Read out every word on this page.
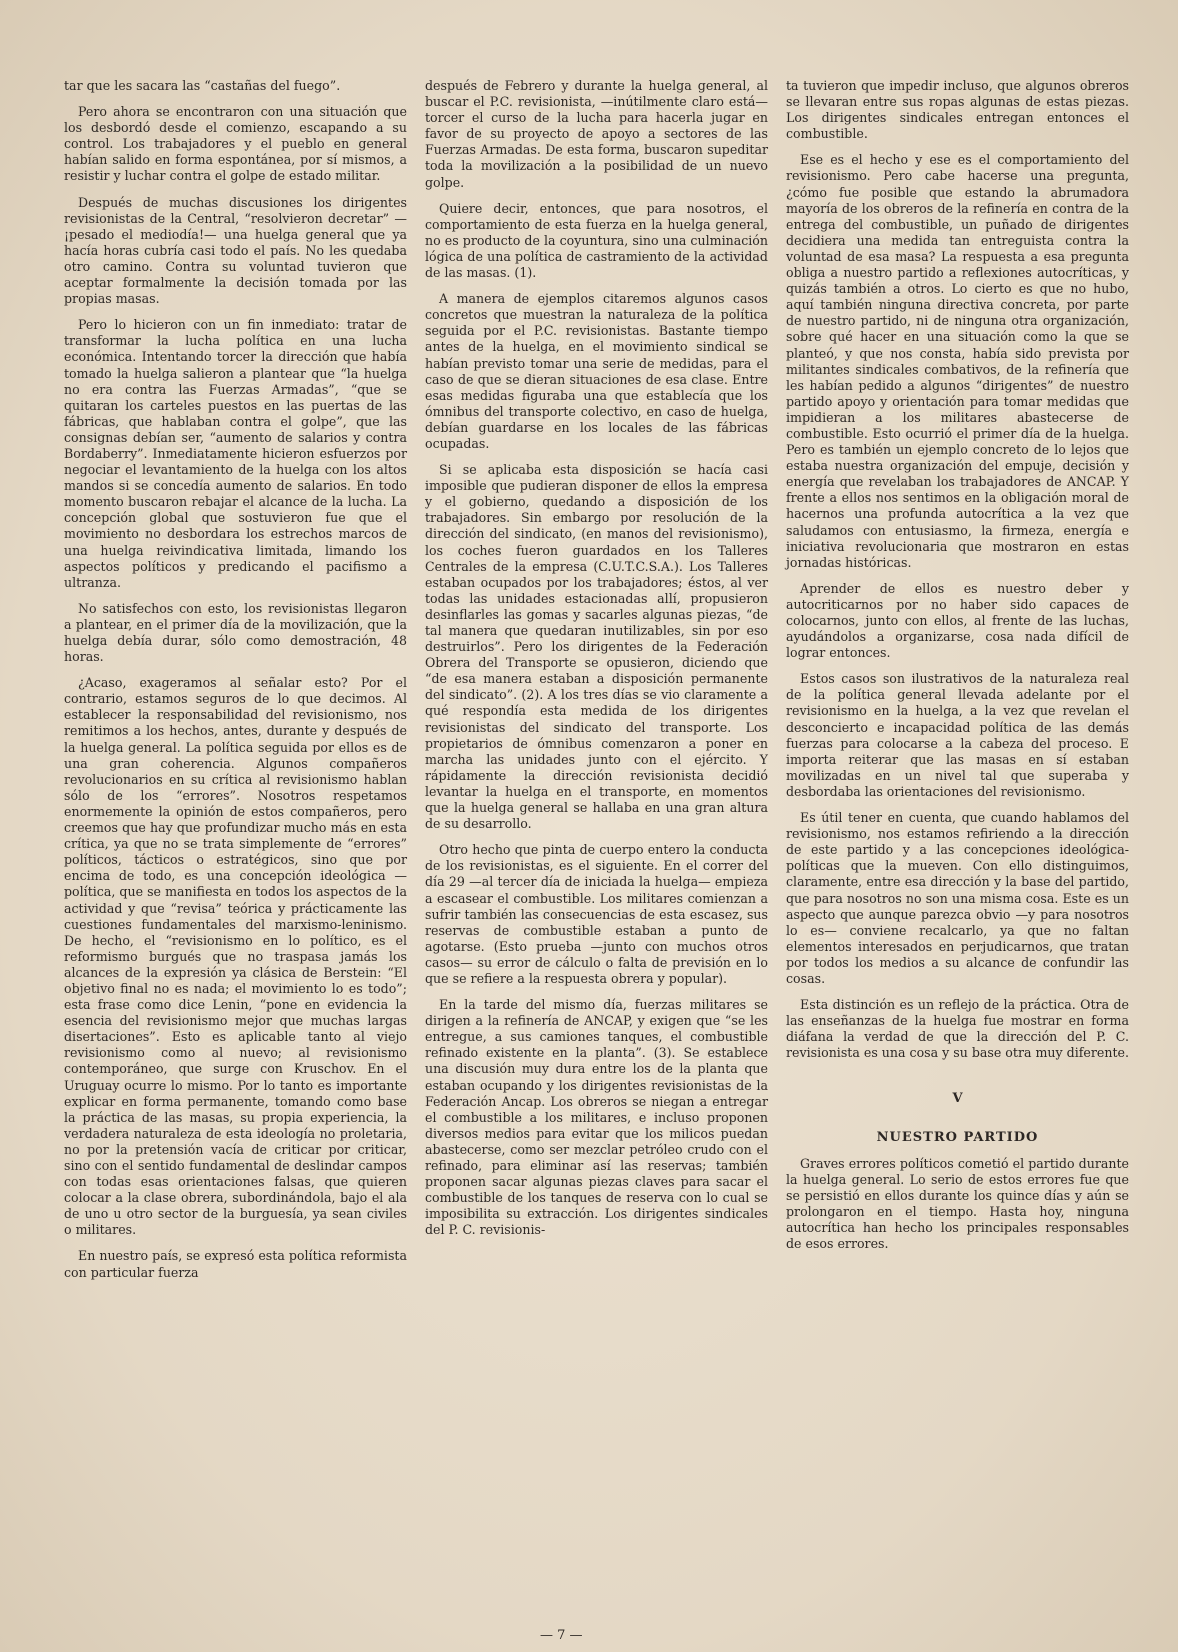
tar que les sacara las “castañas del fuego”.

Pero ahora se encontraron con una situación que los desbordó desde el comienzo, escapando a su control. Los trabajadores y el pueblo en general habían salido en forma espontánea, por sí mismos, a resistir y luchar contra el golpe de estado militar.

Después de muchas discusiones los dirigentes revisionistas de la Central, “resolvieron decretar” —¡pesado el mediodía!— una huelga general que ya hacía horas cubría casi todo el país. No les quedaba otro camino. Contra su voluntad tuvieron que aceptar formalmente la decisión tomada por las propias masas.

Pero lo hicieron con un fin inmediato: tratar de transformar la lucha política en una lucha económica. Intentando torcer la dirección que había tomado la huelga salieron a plantear que “la huelga no era contra las Fuerzas Armadas”, “que se quitaran los carteles puestos en las puertas de las fábricas, que hablaban contra el golpe”, que las consignas debían ser, “aumento de salarios y contra Bordaberry”. Inmediatamente hicieron esfuerzos por negociar el levantamiento de la huelga con los altos mandos si se concedía aumento de salarios. En todo momento buscaron rebajar el alcance de la lucha. La concepción global que sostuvieron fue que el movimiento no desbordara los estrechos marcos de una huelga reivindicativa limitada, limando los aspectos políticos y predicando el pacifismo a ultranza.

No satisfechos con esto, los revisionistas llegaron a plantear, en el primer día de la movilización, que la huelga debía durar, sólo como demostración, 48 horas.

¿Acaso, exageramos al señalar esto? Por el contrario, estamos seguros de lo que decimos. Al establecer la responsabilidad del revisionismo, nos remitimos a los hechos, antes, durante y después de la huelga general. La política seguida por ellos es de una gran coherencia. Algunos compañeros revolucionarios en su crítica al revisionismo hablan sólo de los “errores”. Nosotros respetamos enormemente la opinión de estos compañeros, pero creemos que hay que profundizar mucho más en esta crítica, ya que no se trata simplemente de “errores” políticos, tácticos o estratégicos, sino que por encima de todo, es una concepción ideológica —política, que se manifiesta en todos los aspectos de la actividad y que “revisa” teórica y prácticamente las cuestiones fundamentales del marxismo-leninismo. De hecho, el “revisionismo en lo político, es el reformismo burgués que no traspasa jamás los alcances de la expresión ya clásica de Berstein: “El objetivo final no es nada; el movimiento lo es todo”; esta frase como dice Lenin, “pone en evidencia la esencia del revisionismo mejor que muchas largas disertaciones”. Esto es aplicable tanto al viejo revisionismo como al nuevo; al revisionismo contemporáneo, que surge con Kruschov. En el Uruguay ocurre lo mismo. Por lo tanto es importante explicar en forma permanente, tomando como base la práctica de las masas, su propia experiencia, la verdadera naturaleza de esta ideología no proletaria, no por la pretensión vacía de criticar por criticar, sino con el sentido fundamental de deslindar campos con todas esas orientaciones falsas, que quieren colocar a la clase obrera, subordinándola, bajo el ala de uno u otro sector de la burguesía, ya sean civiles o militares.

En nuestro país, se expresó esta política reformista con particular fuerza

después de Febrero y durante la huelga general, al buscar el P.C. revisionista, —inútilmente claro está— torcer el curso de la lucha para hacerla jugar en favor de su proyecto de apoyo a sectores de las Fuerzas Armadas. De esta forma, buscaron supeditar toda la movilización a la posibilidad de un nuevo golpe.

Quiere decir, entonces, que para nosotros, el comportamiento de esta fuerza en la huelga general, no es producto de la coyuntura, sino una culminación lógica de una política de castramiento de la actividad de las masas. (1).

A manera de ejemplos citaremos algunos casos concretos que muestran la naturaleza de la política seguida por el P.C. revisionistas. Bastante tiempo antes de la huelga, en el movimiento sindical se habían previsto tomar una serie de medidas, para el caso de que se dieran situaciones de esa clase. Entre esas medidas figuraba una que establecía que los ómnibus del transporte colectivo, en caso de huelga, debían guardarse en los locales de las fábricas ocupadas.

Si se aplicaba esta disposición se hacía casi imposible que pudieran disponer de ellos la empresa y el gobierno, quedando a disposición de los trabajadores. Sin embargo por resolución de la dirección del sindicato, (en manos del revisionismo), los coches fueron guardados en los Talleres Centrales de la empresa (C.U.T.C.S.A.). Los Talleres estaban ocupados por los trabajadores; éstos, al ver todas las unidades estacionadas allí, propusieron desinflarles las gomas y sacarles algunas piezas, “de tal manera que quedaran inutilizables, sin por eso destruirlos”. Pero los dirigentes de la Federación Obrera del Transporte se opusieron, diciendo que “de esa manera estaban a disposición permanente del sindicato”. (2). A los tres días se vio claramente a qué respondía esta medida de los dirigentes revisionistas del sindicato del transporte. Los propietarios de ómnibus comenzaron a poner en marcha las unidades junto con el ejército. Y rápidamente la dirección revisionista decidió levantar la huelga en el transporte, en momentos que la huelga general se hallaba en una gran altura de su desarrollo.

Otro hecho que pinta de cuerpo entero la conducta de los revisionistas, es el siguiente. En el correr del día 29 —al tercer día de iniciada la huelga— empieza a escasear el combustible. Los militares comienzan a sufrir también las consecuencias de esta escasez, sus reservas de combustible estaban a punto de agotarse. (Esto prueba —junto con muchos otros casos— su error de cálculo o falta de previsión en lo que se refiere a la respuesta obrera y popular).

En la tarde del mismo día, fuerzas militares se dirigen a la refinería de ANCAP, y exigen que “se les entregue, a sus camiones tanques, el combustible refinado existente en la planta”. (3). Se establece una discusión muy dura entre los de la planta que estaban ocupando y los dirigentes revisionistas de la Federación Ancap. Los obreros se niegan a entregar el combustible a los militares, e incluso proponen diversos medios para evitar que los milicos puedan abastecerse, como ser mezclar petróleo crudo con el refinado, para eliminar así las reservas; también proponen sacar algunas piezas claves para sacar el combustible de los tanques de reserva con lo cual se imposibilita su extracción. Los dirigentes sindicales del P. C. revisionis-

ta tuvieron que impedir incluso, que algunos obreros se llevaran entre sus ropas algunas de estas piezas. Los dirigentes sindicales entregan entonces el combustible.

Ese es el hecho y ese es el comportamiento del revisionismo. Pero cabe hacerse una pregunta, ¿cómo fue posible que estando la abrumadora mayoría de los obreros de la refinería en contra de la entrega del combustible, un puñado de dirigentes decidiera una medida tan entreguista contra la voluntad de esa masa? La respuesta a esa pregunta obliga a nuestro partido a reflexiones autocríticas, y quizás también a otros. Lo cierto es que no hubo, aquí también ninguna directiva concreta, por parte de nuestro partido, ni de ninguna otra organización, sobre qué hacer en una situación como la que se planteó, y que nos consta, había sido prevista por militantes sindicales combativos, de la refinería que les habían pedido a algunos “dirigentes” de nuestro partido apoyo y orientación para tomar medidas que impidieran a los militares abastecerse de combustible. Esto ocurrió el primer día de la huelga. Pero es también un ejemplo concreto de lo lejos que estaba nuestra organización del empuje, decisión y energía que revelaban los trabajadores de ANCAP. Y frente a ellos nos sentimos en la obligación moral de hacernos una profunda autocrítica a la vez que saludamos con entusiasmo, la firmeza, energía e iniciativa revolucionaria que mostraron en estas jornadas históricas.

Aprender de ellos es nuestro deber y autocriticarnos por no haber sido capaces de colocarnos, junto con ellos, al frente de las luchas, ayudándolos a organizarse, cosa nada difícil de lograr entonces.

Estos casos son ilustrativos de la naturaleza real de la política general llevada adelante por el revisionismo en la huelga, a la vez que revelan el desconcierto e incapacidad política de las demás fuerzas para colocarse a la cabeza del proceso. E importa reiterar que las masas en sí estaban movilizadas en un nivel tal que superaba y desbordaba las orientaciones del revisionismo.

Es útil tener en cuenta, que cuando hablamos del revisionismo, nos estamos refiriendo a la dirección de este partido y a las concepciones ideológica-políticas que la mueven. Con ello distinguimos, claramente, entre esa dirección y la base del partido, que para nosotros no son una misma cosa. Este es un aspecto que aunque parezca obvio —y para nosotros lo es— conviene recalcarlo, ya que no faltan elementos interesados en perjudicarnos, que tratan por todos los medios a su alcance de confundir las cosas.

Esta distinción es un reflejo de la práctica. Otra de las enseñanzas de la huelga fue mostrar en forma diáfana la verdad de que la dirección del P. C. revisionista es una cosa y su base otra muy diferente.

V
NUESTRO PARTIDO

Graves errores políticos cometió el partido durante la huelga general. Lo serio de estos errores fue que se persistió en ellos durante los quince días y aún se prolongaron en el tiempo. Hasta hoy, ninguna autocrítica han hecho los principales responsables de esos errores.

— 7 —
